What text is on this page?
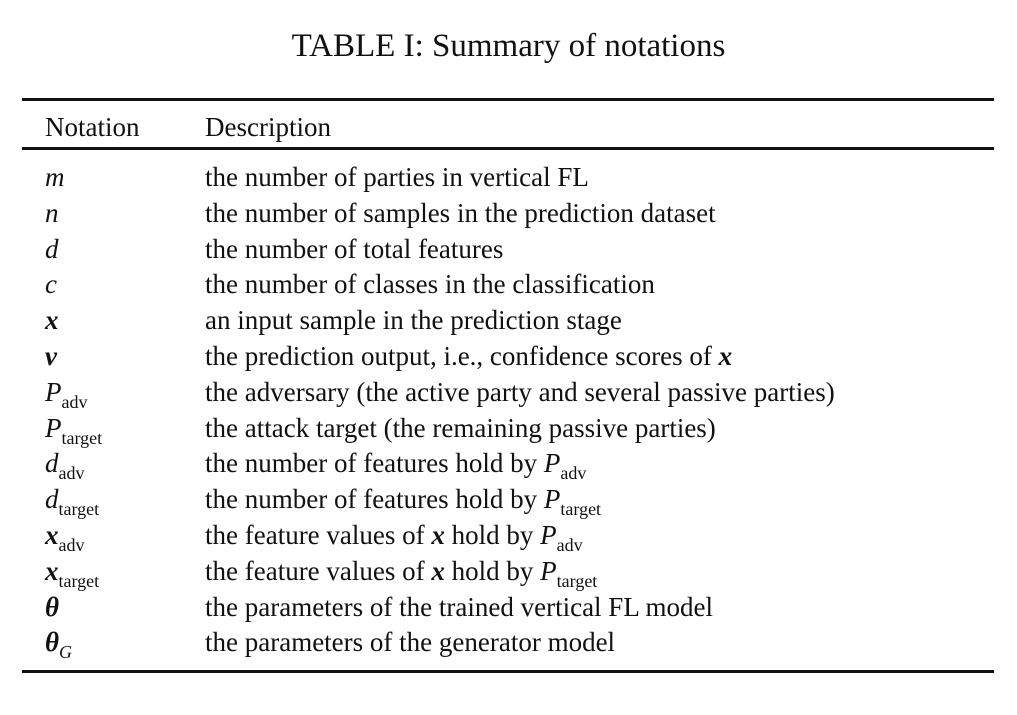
TABLE I: Summary of notations
Notation Description
m	the number of parties in vertical FL
n	the number of samples in the prediction dataset
d	the number of total features
c	the number of classes in the classification
x	an input sample in the prediction stage
v	the prediction output, i.e., confidence scores of x
$P_{adv}$	the adversary (the active party and several passive parties)
$P_{target}$	the attack target (the remaining passive parties)
$d_{adv}$	the number of features hold by $P_{adv}$
$d_{target}$	the number of features hold by $P_{target}$
$x_{adv}$	the feature values of x hold by $P_{adv}$
$x_{target}$	the feature values of x hold by $P_{target}$
θ	the parameters of the trained vertical FL model
$\theta_G$	the parameters of the generator model
